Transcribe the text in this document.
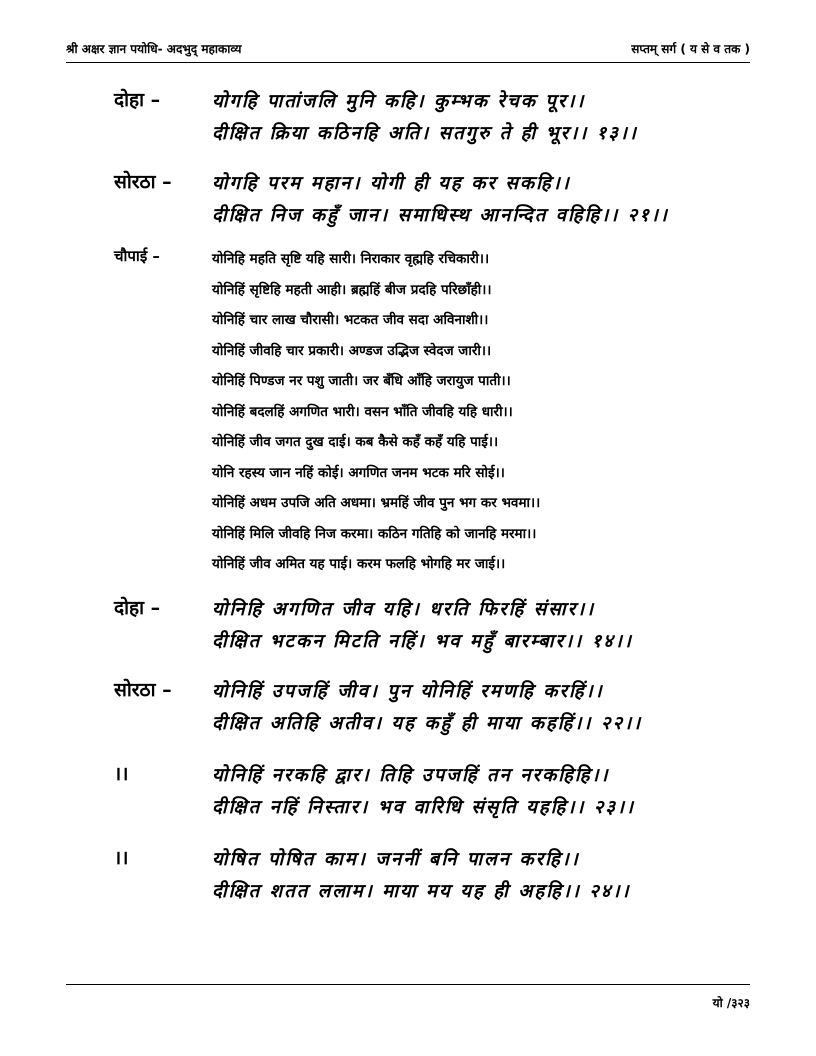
श्री अक्षर ज्ञान पयोधि- अदभुद् महाकाव्य	सप्तम् सर्ग ( य से व तक )
दोहा –	योगहि पातांजलि मुनि कहि। कुम्भक रेचक पूर।।
दीक्षित क्रिया कठिनहि अति। सतगुरु ते ही भूर।। १३।।
सोरठा – योगहि परम महान। योगी ही यह कर सकहि।।
दीक्षित निज कहुँ जान। समाधिस्थ आनन्दित वहिहि।। २१।।
चौपाई –	योनिहि महति सृष्टि यहि सारी। निराकार वृह्महि रचिकारी।।
योनिहिं सृष्टिहि महती आही। ब्रह्महिं बीज प्रदहि परिछाँही।।
योनिहिं चार लाख चौरासी। भटकत जीव सदा अविनाशी।।
योनिहिं जीवहि चार प्रकारी। अण्डज उद्भिज स्वेदज जारी।।
योनिहिं पिण्डज नर पशु जाती। जर बँधि आँहि जरायुज पाती।।
योनिहिं बदलहिं अगणित भारी। वसन भाँति जीवहि यहि धारी।।
योनिहिं जीव जगत दुख दाई। कब कैसे कहँ कहँ यहि पाई।।
योनि रहस्य जान नहिं कोई। अगणित जनम भटक मरि सोई।।
योनिहिं अधम उपजि अति अधमा। भ्रमहिं जीव पुन भग कर भवमा।।
योनिहिं मिलि जीवहि निज करमा। कठिन गतिहि को जानहि मरमा।।
योनिहिं जीव अमित यह पाई। करम फलहि भोगहि मर जाई।।
दोहा –	योनिहि अगणित जीव यहि। धरति फिरहिं संसार।।
दीक्षित भटकन मिटति नहिं। भव महुँ बारम्बार।। १४।।
सोरठा – योनिहिं उपजहिं जीव। पुन योनिहिं रमणहि करहिं।।
दीक्षित अतिहि अतीव। यह कहुँ ही माया कहहिं।। २२।।
।।	योनिहिं नरकहि द्वार। तिहि उपजहिं तन नरकहिहि।।
दीक्षित नहिं निस्तार। भव वारिधि संसृति यहहि।। २३।।
।।	योषित पोषित काम। जननीं बनि पालन करहि।।
दीक्षित शतत ललाम। माया मय यह ही अहहि।। २४।।
यो /३२३
